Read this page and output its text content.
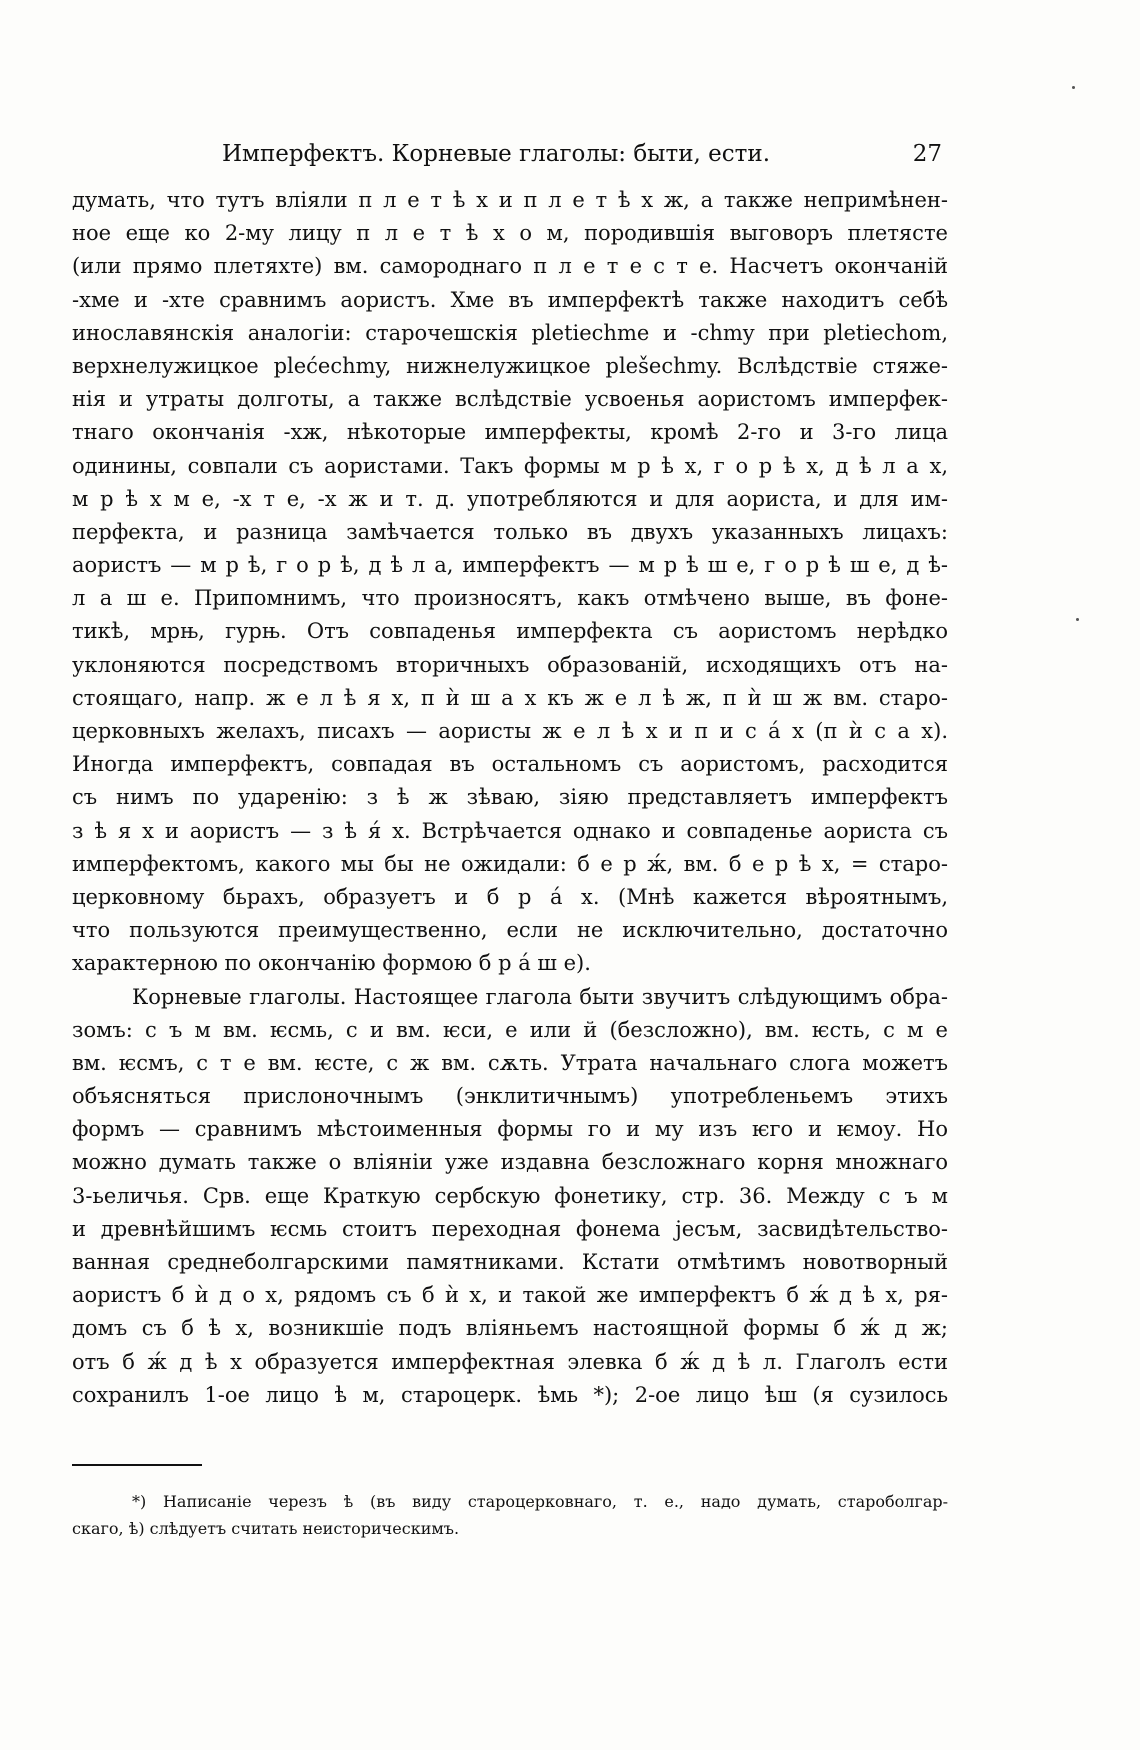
Имперфектъ. Корневые глаголы: быти, ести.	27
думать, что тутъ вліяли п л е т ѣ х и п л е т ѣ х ж, а также непримѣнен-
ное еще ко 2-му лицу п л е т ѣ х о м, породившія выговоръ плетясте
(или прямо плетяхте) вм. самороднаго п л е т е с т е. Насчетъ окончаній
-хме и -хте сравнимъ аористъ. Хме въ имперфектѣ также находитъ себѣ
инославянскія аналогіи: старочешскія pletiechme и -chmy при pletiechom,
верхнелужицкое plećechmy, нижнелужицкое plešechmy. Вслѣдствіе стяже-
нія и утраты долготы, а также вслѣдствіе усвоенья аористомъ имперфек-
тнаго окончанія -хж, нѣкоторые имперфекты, кромѣ 2-го и 3-го лица
одинины, совпали съ аористами. Такъ формы м р ѣ х, г о р ѣ х, д ѣ л а х,
м р ѣ х м е, -х т е, -х ж и т. д. употребляются и для аориста, и для им-
перфекта, и разница замѣчается только въ двухъ указанныхъ лицахъ:
аористъ — м р ѣ, г о р ѣ, д ѣ л а, имперфектъ — м р ѣ ш е, г о р ѣ ш е, д ѣ-
л а ш е. Припомнимъ, что произносятъ, какъ отмѣчено выше, въ фоне-
тикѣ, мрњ, гурњ. Отъ совпаденья имперфекта съ аористомъ нерѣдко
уклоняются посредствомъ вторичныхъ образованій, исходящихъ отъ на-
стоящаго, напр. ж е л ѣ я х, п ѝ ш а х къ ж е л ѣ ж, п ѝ ш ж вм. старо-
церковныхъ желахъ, писахъ — аористы ж е л ѣ х и п и с а́ х (п ѝ с а х).
Иногда имперфектъ, совпадая въ остальномъ съ аористомъ, расходится
съ нимъ по ударенію: з ѣ ж зѣваю, зіяю представляетъ имперфектъ
з ѣ я х и аористъ — з ѣ я́ х. Встрѣчается однако и совпаденье аориста съ
имперфектомъ, какого мы бы не ожидали: б е р ж́, вм. б е р ѣ х, = старо-
церковному бьрахъ, образуетъ и б р а́ х. (Мнѣ кажется вѣроятнымъ,
что пользуются преимущественно, если не исключительно, достаточно
характерною по окончанію формою б р а́ ш е).
Корневые глаголы. Настоящее глагола быти звучитъ слѣдующимъ обра-
зомъ: с ъ м вм. ѥсмь, с и вм. ѥси, е или й (безсложно), вм. ѥсть, с м е
вм. ѥсмъ, с т е вм. ѥсте, с ж вм. сѫть. Утрата начальнаго слога можетъ
объясняться прислоночнымъ (энклитичнымъ) употребленьемъ этихъ
формъ — сравнимъ мѣстоименныя формы го и му изъ ѥго и ѥмоу. Но
можно думать также о вліяніи уже издавна безсложнаго корня множнаго
3-ьеличья. Срв. еще Краткую сербскую фонетику, стр. 36. Между с ъ м
и древнѣйшимъ ѥсмь стоитъ переходная фонема јесъм, засвидѣтельство-
ванная среднеболгарскими памятниками. Кстати отмѣтимъ новотворный
аористъ б ѝ д о х, рядомъ съ б ѝ х, и такой же имперфектъ б ж́ д ѣ х, ря-
домъ съ б ѣ х, возникшіе подъ вліяньемъ настоящной формы б ж́ д ж;
отъ б ж́ д ѣ х образуется имперфектная элевка б ж́ д ѣ л. Глаголъ ести
сохранилъ 1-ое лицо ѣ м, староцерк. ѣмь *); 2-ое лицо ѣш (я сузилось
*) Написаніе черезъ ѣ (въ виду староцерковнаго, т. е., надо думать, староболгар-
скаго, ѣ) слѣдуетъ считать неисторическимъ.
